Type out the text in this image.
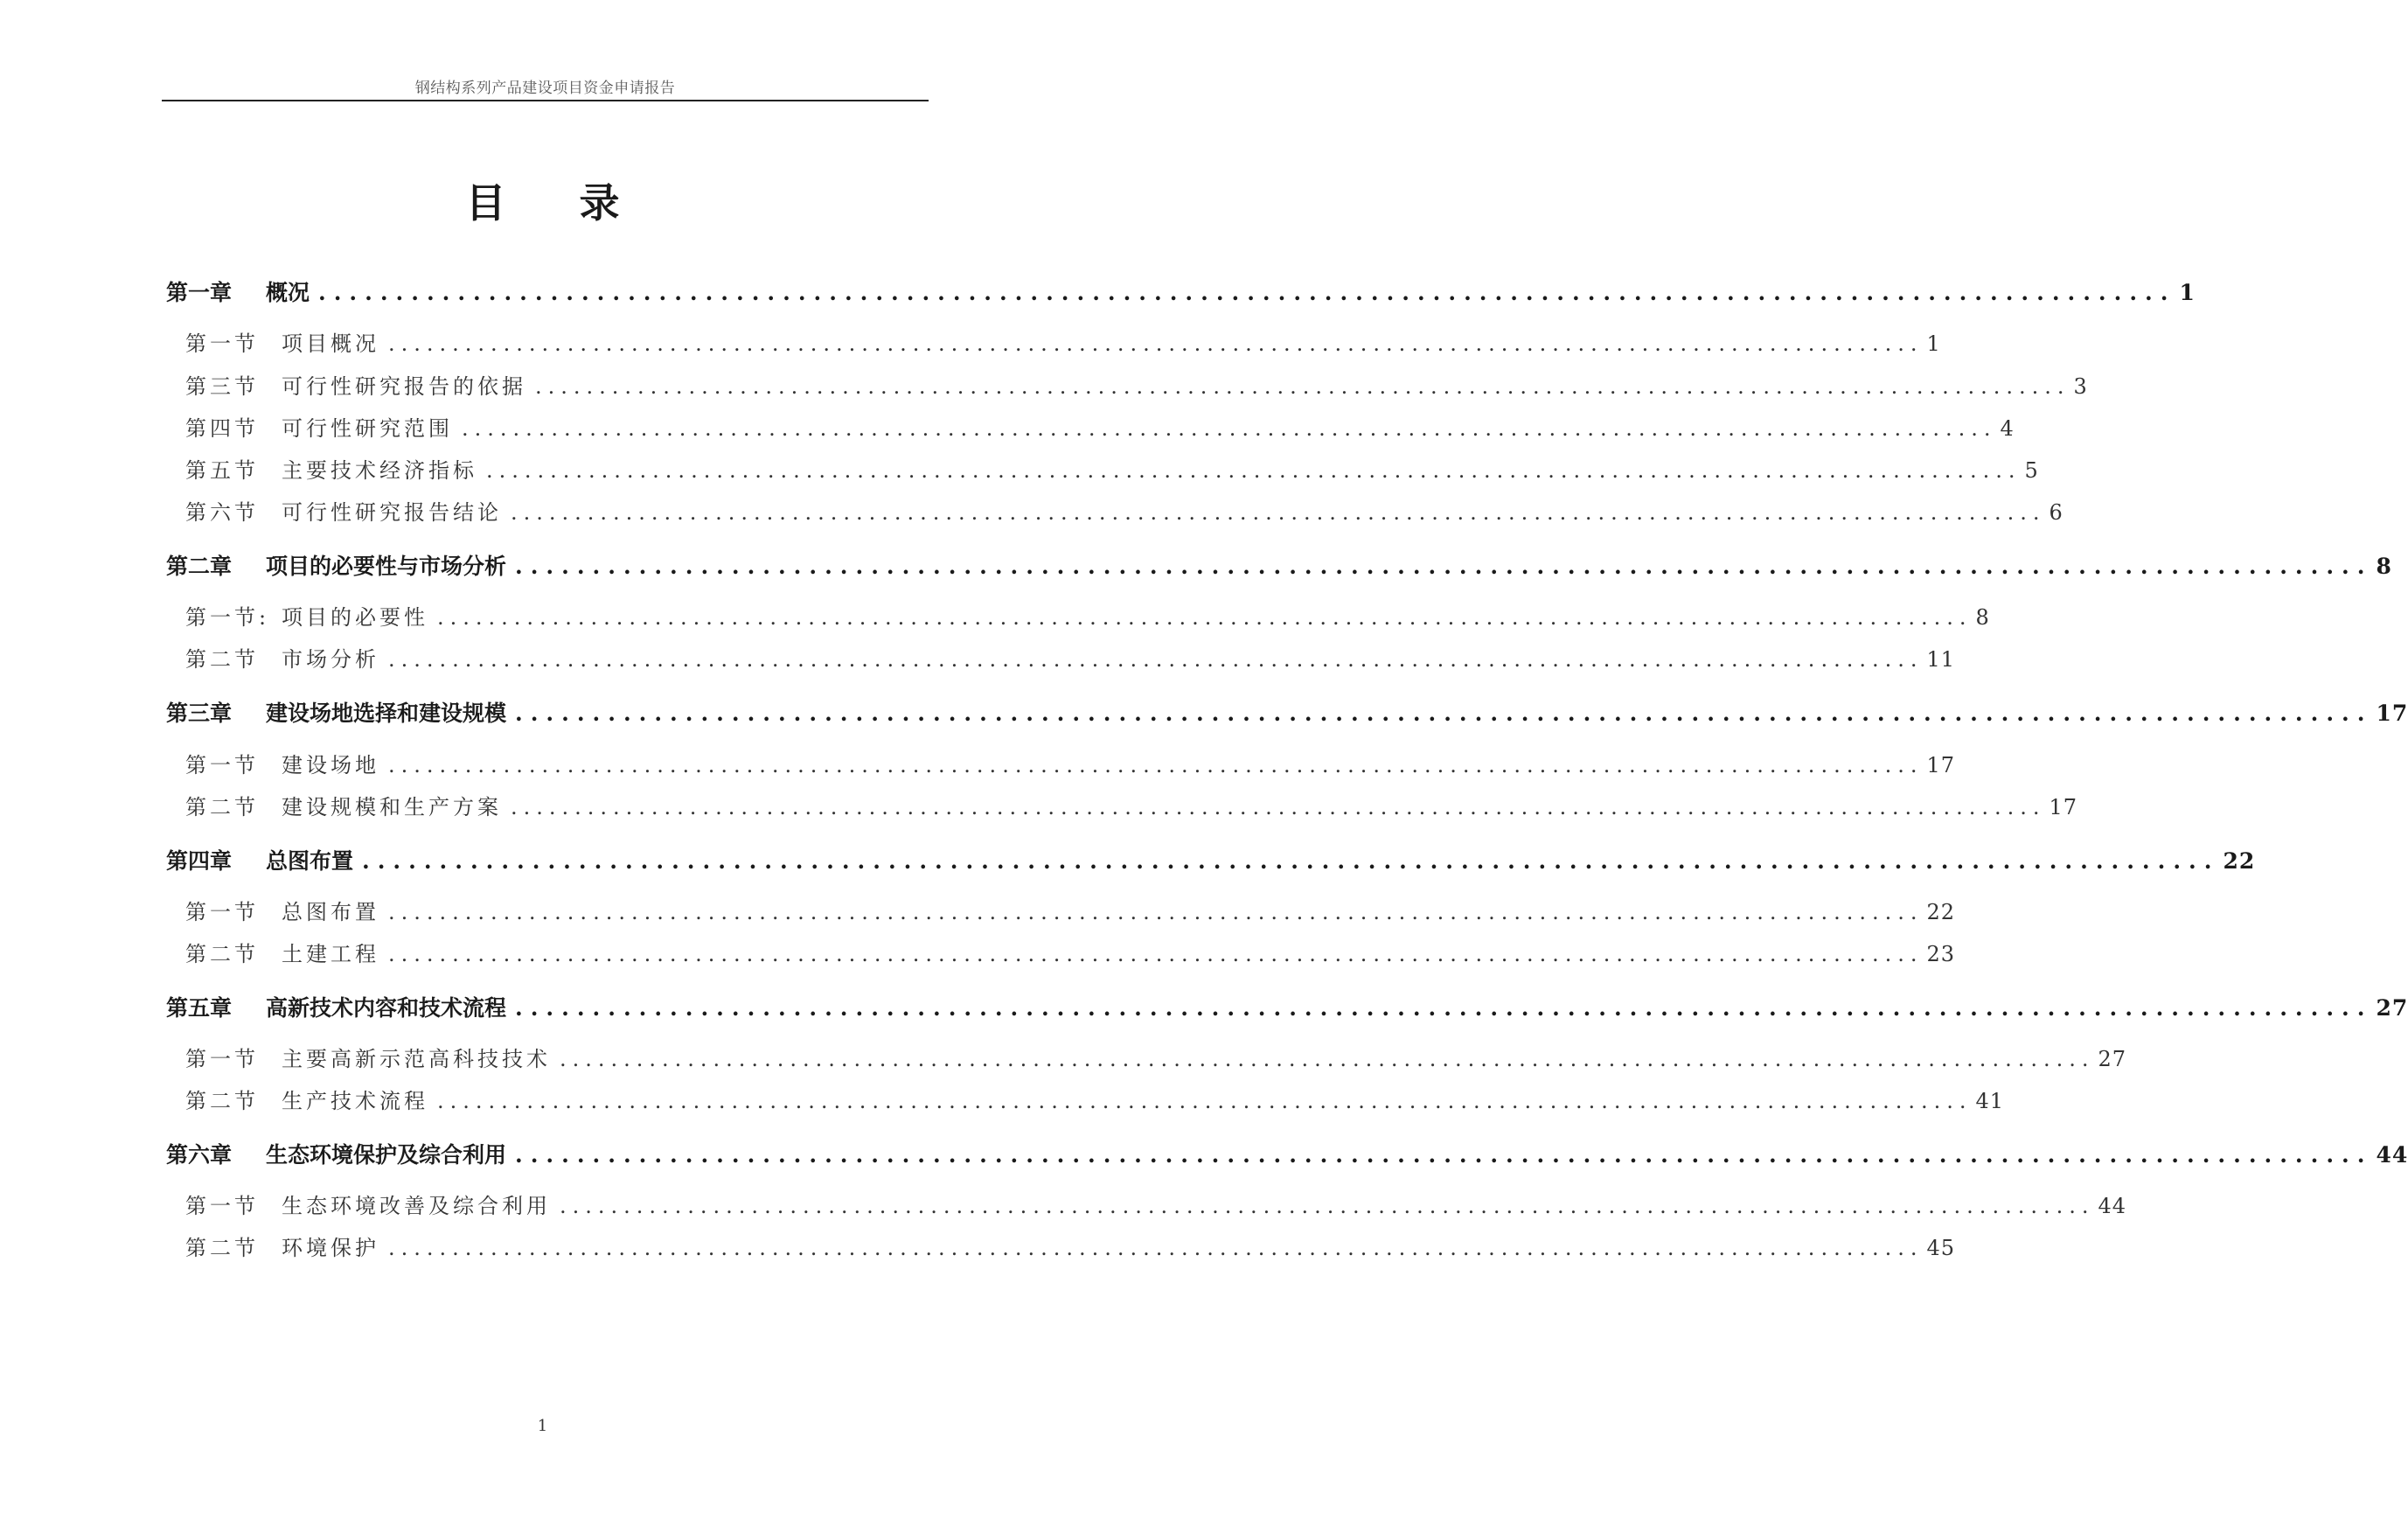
钢结构系列产品建设项目资金申请报告
目 录
第一章	概况 ........................................................................................................................ 1
第一节	项目概况 ........................................................................................................................ 1
第三节	可行性研究报告的依据 ........................................................................................................................ 3
第四节	可行性研究范围 ........................................................................................................................ 4
第五节	主要技术经济指标 ........................................................................................................................ 5
第六节	可行性研究报告结论 ........................................................................................................................ 6
第二章	项目的必要性与市场分析 ........................................................................................................................ 8
第一节: 项目的必要性 ........................................................................................................................ 8
第二节	市场分析 ........................................................................................................................ 11
第三章	建设场地选择和建设规模 ........................................................................................................................ 17
第一节	建设场地 ........................................................................................................................ 17
第二节	建设规模和生产方案 ........................................................................................................................ 17
第四章	总图布置 ........................................................................................................................ 22
第一节	总图布置 ........................................................................................................................ 22
第二节	土建工程 ........................................................................................................................ 23
第五章	高新技术内容和技术流程 ........................................................................................................................ 27
第一节	主要高新示范高科技技术 ........................................................................................................................ 27
第二节	生产技术流程 ........................................................................................................................ 41
第六章	生态环境保护及综合利用 ........................................................................................................................ 44
第一节	生态环境改善及综合利用 ........................................................................................................................ 44
第二节	环境保护 ........................................................................................................................ 45
1
